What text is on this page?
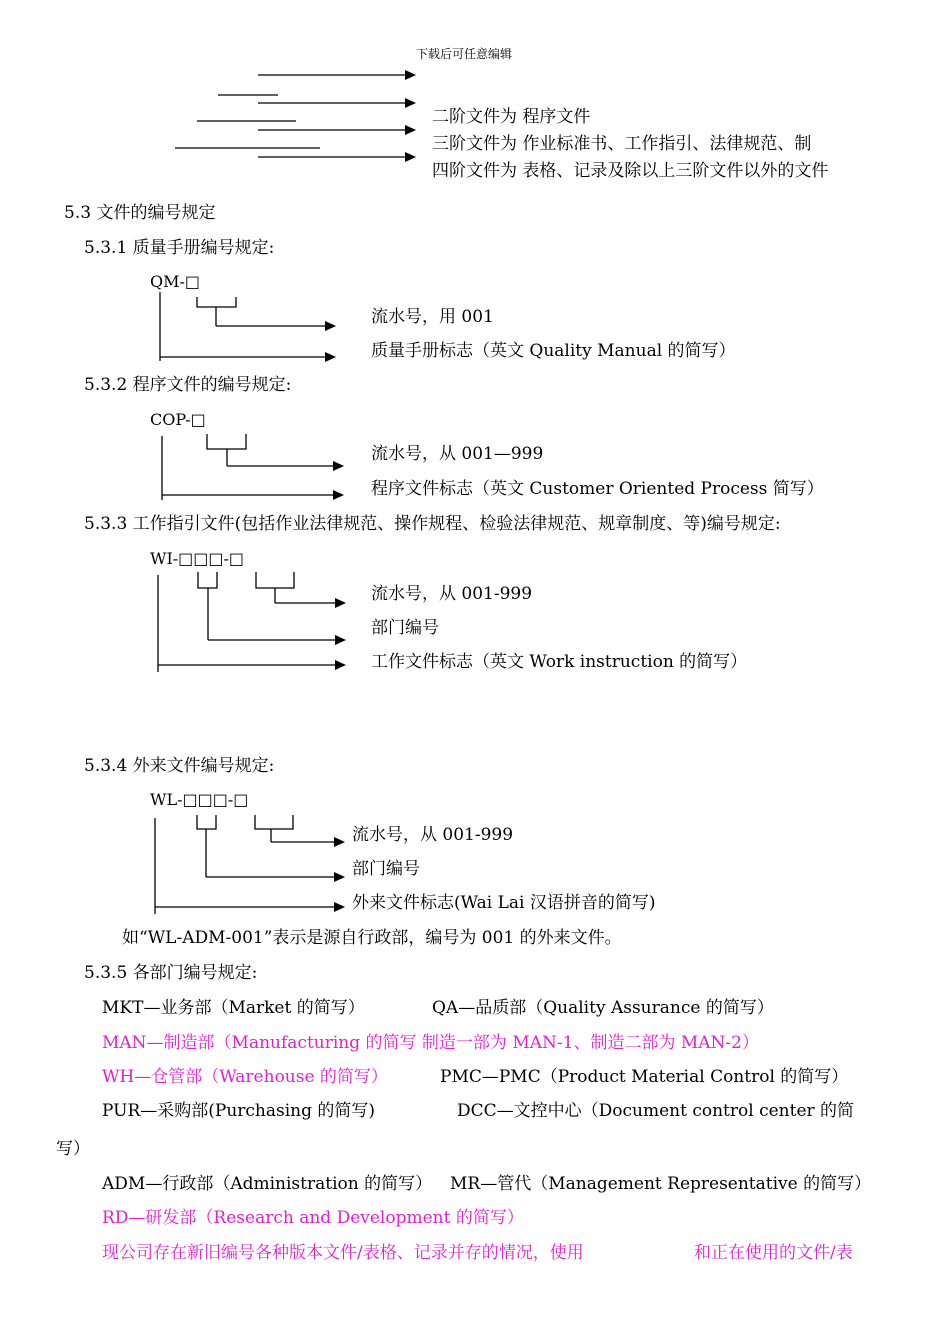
下载后可任意编辑
二阶文件为 程序文件
三阶文件为 作业标准书、工作指引、法律规范、制
四阶文件为 表格、记录及除以上三阶文件以外的文件
5.3 文件的编号规定
5.3.1 质量手册编号规定:
QM-□
流水号，用 001
质量手册标志（英文 Quality Manual 的简写）
5.3.2 程序文件的编号规定:
COP-□
流水号，从 001—999
程序文件标志（英文 Customer Oriented Process 简写）
5.3.3 工作指引文件(包括作业法律规范、操作规程、检验法律规范、规章制度、等)编号规定:
WI-□□□-□
流水号，从 001-999
部门编号
工作文件标志（英文 Work instruction 的简写）
5.3.4 外来文件编号规定:
WL-□□□-□
流水号，从 001-999
部门编号
外来文件标志(Wai Lai 汉语拼音的简写)
如“WL-ADM-001”表示是源自行政部，编号为 001 的外来文件。
5.3.5 各部门编号规定:
MKT—业务部（Market 的简写）	QA—品质部（Quality Assurance 的简写）
MAN—制造部（Manufacturing 的简写 制造一部为 MAN-1、制造二部为 MAN-2）
WH—仓管部（Warehouse 的简写）	PMC—PMC（Product Material Control 的简写）
PUR—采购部(Purchasing 的简写)	DCC—文控中心（Document control center 的简
写）
ADM—行政部（Administration 的简写） MR—管代（Management Representative 的简写）
RD—研发部（Research and Development 的简写）
现公司存在新旧编号各种版本文件/表格、记录并存的情况，使用	和正在使用的文件/表
